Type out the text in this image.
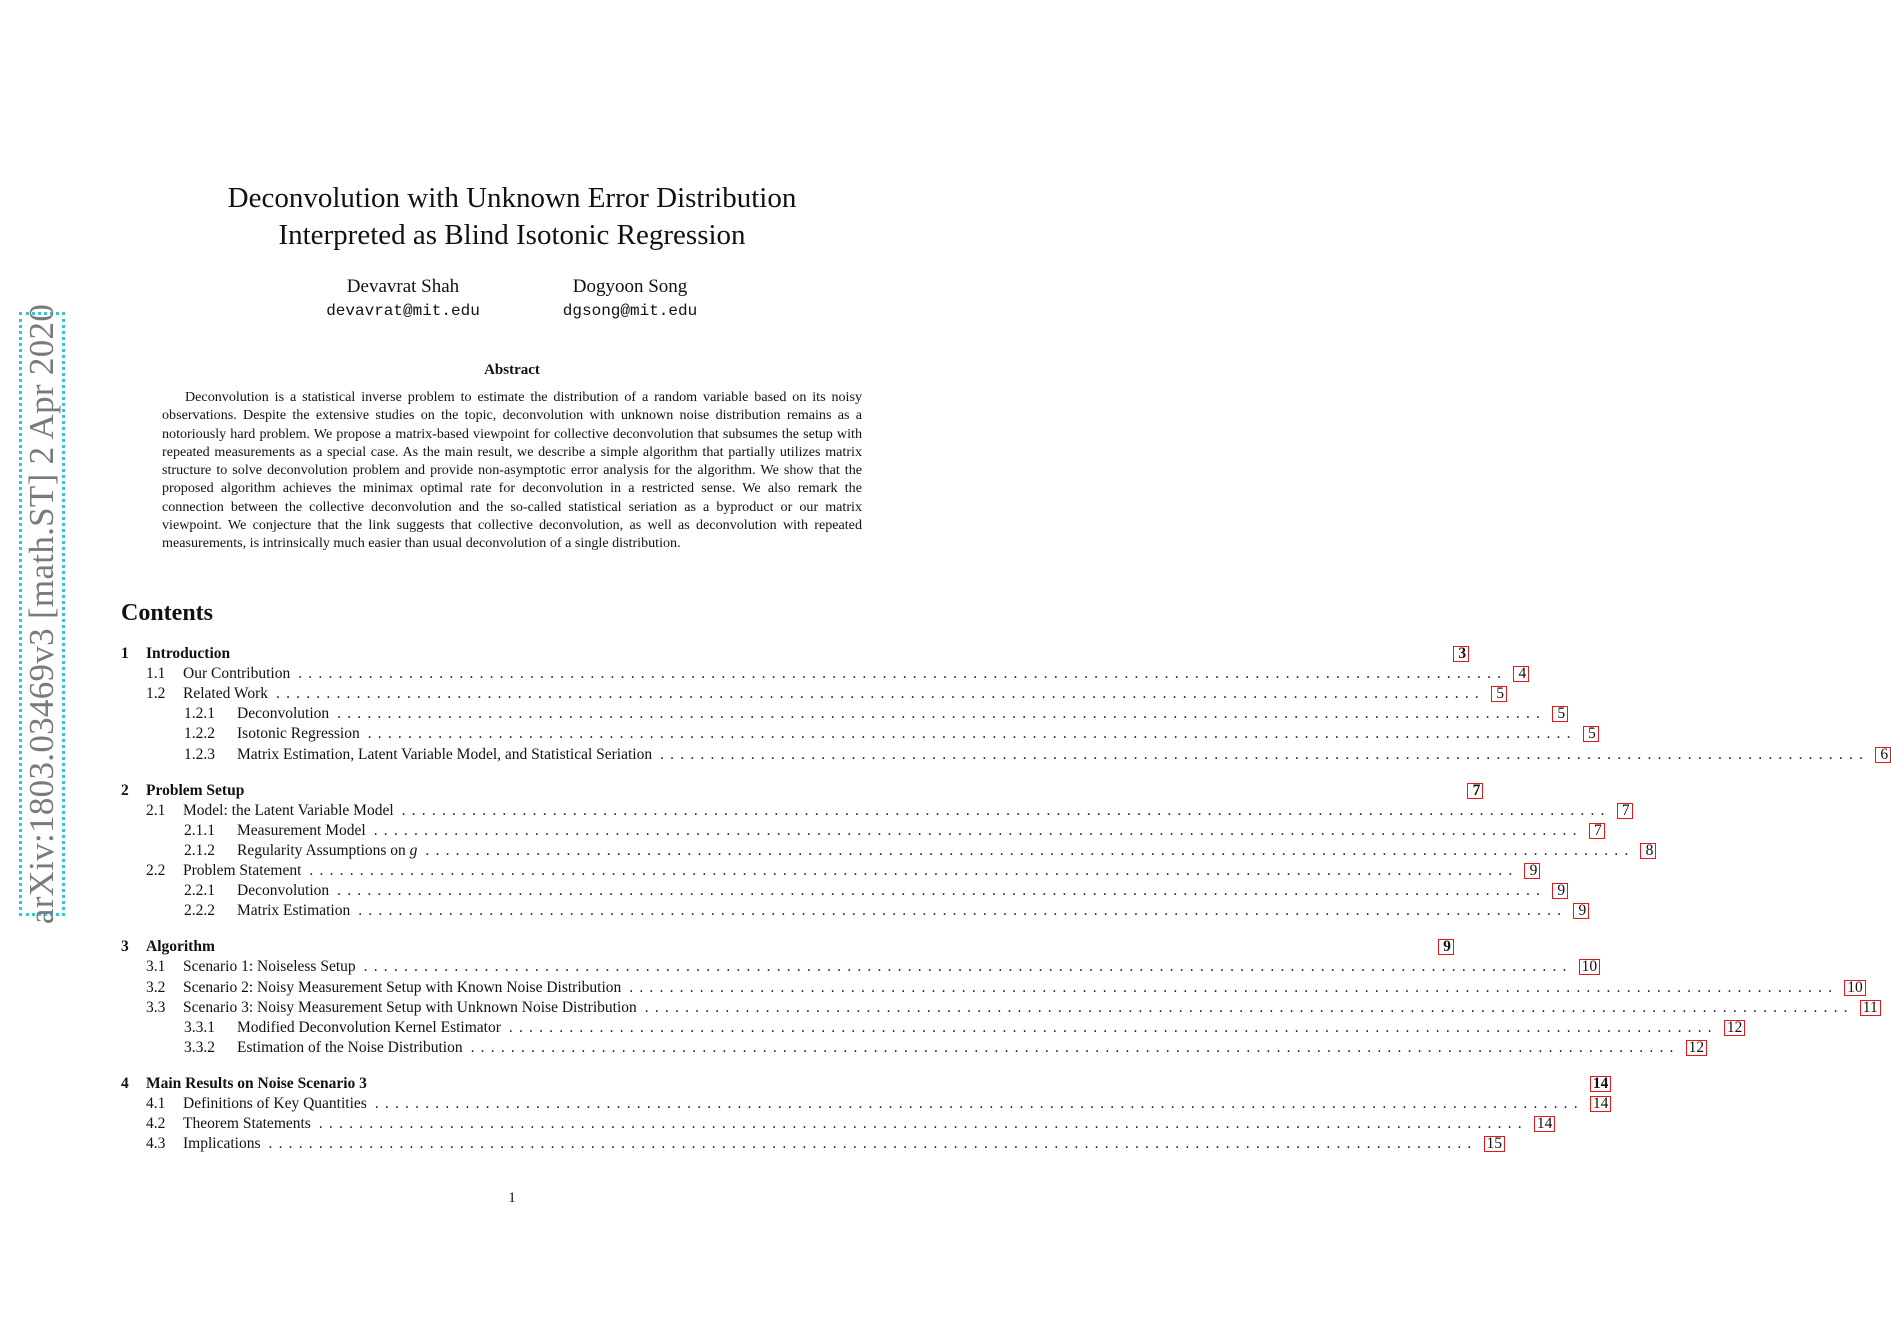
arXiv:1803.03469v3 [math.ST] 2 Apr 2020
Deconvolution with Unknown Error Distribution
Interpreted as Blind Isotonic Regression
Devavrat Shah
devavrat@mit.edu
Dogyoon Song
dgsong@mit.edu
Abstract

Deconvolution is a statistical inverse problem to estimate the distribution of a random variable based on its noisy observations. Despite the extensive studies on the topic, deconvolution with unknown noise distribution remains as a notoriously hard problem. We propose a matrix-based viewpoint for collective deconvolution that subsumes the setup with repeated measurements as a special case. As the main result, we describe a simple algorithm that partially utilizes matrix structure to solve deconvolution problem and provide non-asymptotic error analysis for the algorithm. We show that the proposed algorithm achieves the minimax optimal rate for deconvolution in a restricted sense. We also remark the connection between the collective deconvolution and the so-called statistical seriation as a byproduct or our matrix viewpoint. We conjecture that the link suggests that collective deconvolution, as well as deconvolution with repeated measurements, is intrinsically much easier than usual deconvolution of a single distribution.

Contents
1	Introduction	3
1.1	Our Contribution ........................................................................................................................ 4
1.2	Related Work ........................................................................................................................ 5
1.2.1	Deconvolution ........................................................................................................................ 5
1.2.2	Isotonic Regression ........................................................................................................................ 5
1.2.3	Matrix Estimation, Latent Variable Model, and Statistical Seriation ........................................................................................................................ 6
2	Problem Setup	7
2.1	Model: the Latent Variable Model ........................................................................................................................ 7
2.1.1	Measurement Model ........................................................................................................................ 7
2.1.2	Regularity Assumptions on g ........................................................................................................................ 8
2.2	Problem Statement ........................................................................................................................ 9
2.2.1	Deconvolution ........................................................................................................................ 9
2.2.2	Matrix Estimation ........................................................................................................................ 9
3	Algorithm	9
3.1	Scenario 1: Noiseless Setup ........................................................................................................................ 10
3.2	Scenario 2: Noisy Measurement Setup with Known Noise Distribution ........................................................................................................................ 10
3.3	Scenario 3: Noisy Measurement Setup with Unknown Noise Distribution ........................................................................................................................ 11
3.3.1	Modified Deconvolution Kernel Estimator ........................................................................................................................ 12
3.3.2	Estimation of the Noise Distribution ........................................................................................................................ 12
4	Main Results on Noise Scenario 3	14
4.1	Definitions of Key Quantities ........................................................................................................................ 14
4.2	Theorem Statements ........................................................................................................................ 14
4.3	Implications ........................................................................................................................ 15
1
